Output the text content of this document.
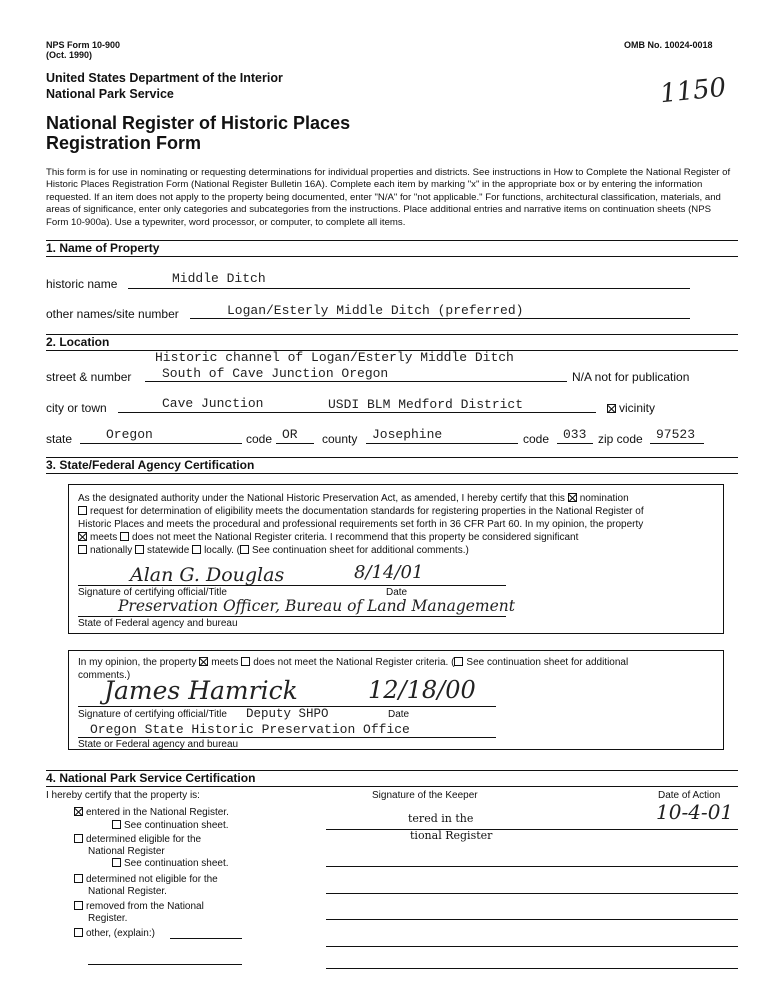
NPS Form 10-900
(Oct. 1990)
OMB No. 10024-0018
United States Department of the Interior
National Park Service	1150
National Register of Historic Places
Registration Form
This form is for use in nominating or requesting determinations for individual properties and districts. See instructions in How to Complete the National Register of Historic Places Registration Form (National Register Bulletin 16A). Complete each item by marking "x" in the appropriate box or by entering the information requested. If an item does not apply to the property being documented, enter "N/A" for "not applicable." For functions, architectural classification, materials, and areas of significance, enter only categories and subcategories from the instructions. Place additional entries and narrative items on continuation sheets (NPS Form 10-900a). Use a typewriter, word processor, or computer, to complete all items.
1. Name of Property
historic name	Middle Ditch
other names/site number	Logan/Esterly Middle Ditch (preferred)
2. Location
Historic channel of Logan/Esterly Middle Ditch
street & number South of Cave Junction Oregon	N/A not for publication
city or town	Cave Junction	USDI BLM Medford District	vicinity
state	Oregon	code OR county Josephine	code 033 zip code 97523
3. State/Federal Agency Certification
As the designated authority under the National Historic Preservation Act, as amended, I hereby certify that this nomination
request for determination of eligibility meets the documentation standards for registering properties in the National Register of
Historic Places and meets the procedural and professional requirements set forth in 36 CFR Part 60. In my opinion, the property
meets does not meet the National Register criteria. I recommend that this property be considered significant
nationally statewide locally. ( See continuation sheet for additional comments.)
Alan G. Douglas	8/14/01
Signature of certifying official/Title	Date
Preservation Officer, Bureau of Land Management
State of Federal agency and bureau
In my opinion, the property meets does not meet the National Register criteria. ( See continuation sheet for additional
comments.)
James Hamrick	12/18/00
Signature of certifying official/Title Deputy SHPO	Date
Oregon State Historic Preservation Office
State or Federal agency and bureau
4. National Park Service Certification
I hereby certify that the property is:	Signature of the Keeper	Date of Action
entered in the National Register.
See continuation sheet.
tered in the
tional Register
10-4-01
determined eligible for the
National Register
See continuation sheet.
determined not eligible for the
National Register.
removed from the National
Register.
other, (explain:)
